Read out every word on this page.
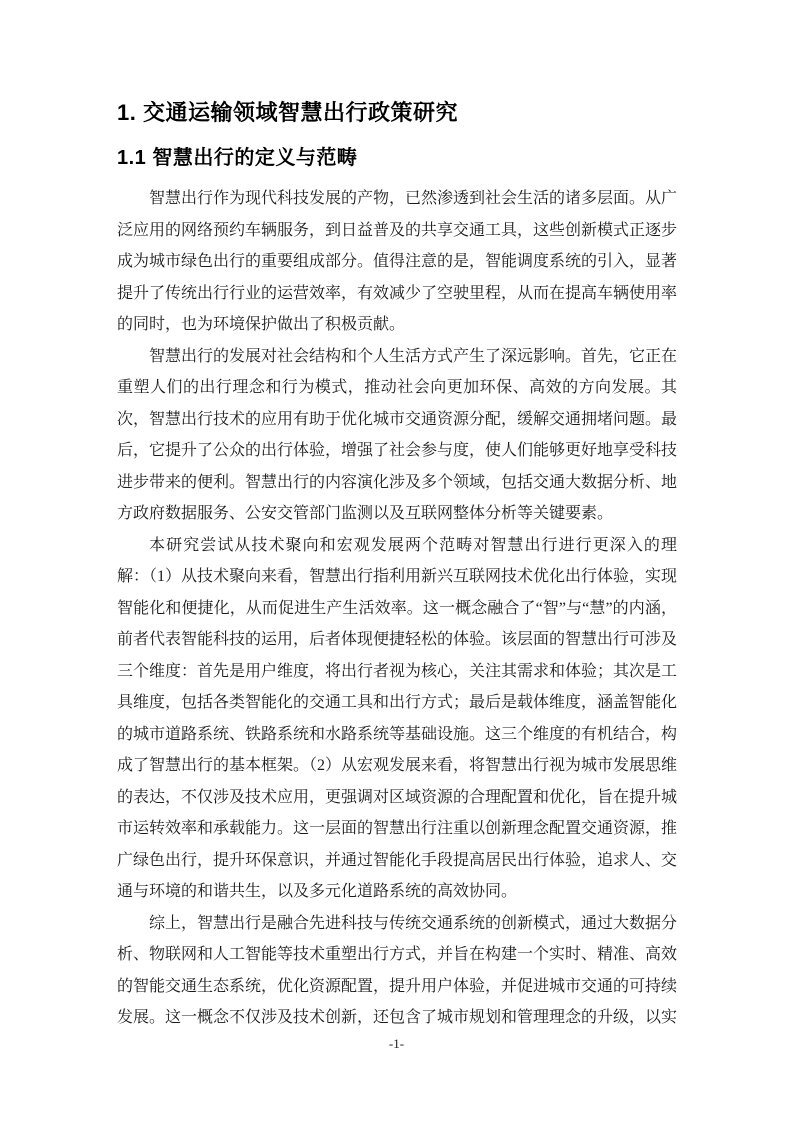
1. 交通运输领域智慧出行政策研究
1.1 智慧出行的定义与范畴

智慧出行作为现代科技发展的产物，已然渗透到社会生活的诸多层面。从广泛应用的网络预约车辆服务，到日益普及的共享交通工具，这些创新模式正逐步成为城市绿色出行的重要组成部分。值得注意的是，智能调度系统的引入，显著提升了传统出行行业的运营效率，有效减少了空驶里程，从而在提高车辆使用率的同时，也为环境保护做出了积极贡献。

智慧出行的发展对社会结构和个人生活方式产生了深远影响。首先，它正在重塑人们的出行理念和行为模式，推动社会向更加环保、高效的方向发展。其次，智慧出行技术的应用有助于优化城市交通资源分配，缓解交通拥堵问题。最后，它提升了公众的出行体验，增强了社会参与度，使人们能够更好地享受科技进步带来的便利。智慧出行的内容演化涉及多个领域，包括交通大数据分析、地方政府数据服务、公安交管部门监测以及互联网整体分析等关键要素。

本研究尝试从技术聚向和宏观发展两个范畴对智慧出行进行更深入的理解：（1）从技术聚向来看，智慧出行指利用新兴互联网技术优化出行体验，实现智能化和便捷化，从而促进生产生活效率。这一概念融合了“智”与“慧”的内涵，前者代表智能科技的运用，后者体现便捷轻松的体验。该层面的智慧出行可涉及三个维度：首先是用户维度，将出行者视为核心，关注其需求和体验；其次是工具维度，包括各类智能化的交通工具和出行方式；最后是载体维度，涵盖智能化的城市道路系统、铁路系统和水路系统等基础设施。这三个维度的有机结合，构成了智慧出行的基本框架。（2）从宏观发展来看，将智慧出行视为城市发展思维的表达，不仅涉及技术应用，更强调对区域资源的合理配置和优化，旨在提升城市运转效率和承载能力。这一层面的智慧出行注重以创新理念配置交通资源，推广绿色出行，提升环保意识，并通过智能化手段提高居民出行体验，追求人、交通与环境的和谐共生，以及多元化道路系统的高效协同。

综上，智慧出行是融合先进科技与传统交通系统的创新模式，通过大数据分析、物联网和人工智能等技术重塑出行方式，并旨在构建一个实时、精准、高效的智能交通生态系统，优化资源配置，提升用户体验，并促进城市交通的可持续发展。这一概念不仅涉及技术创新，还包含了城市规划和管理理念的升级，以实

-1-
